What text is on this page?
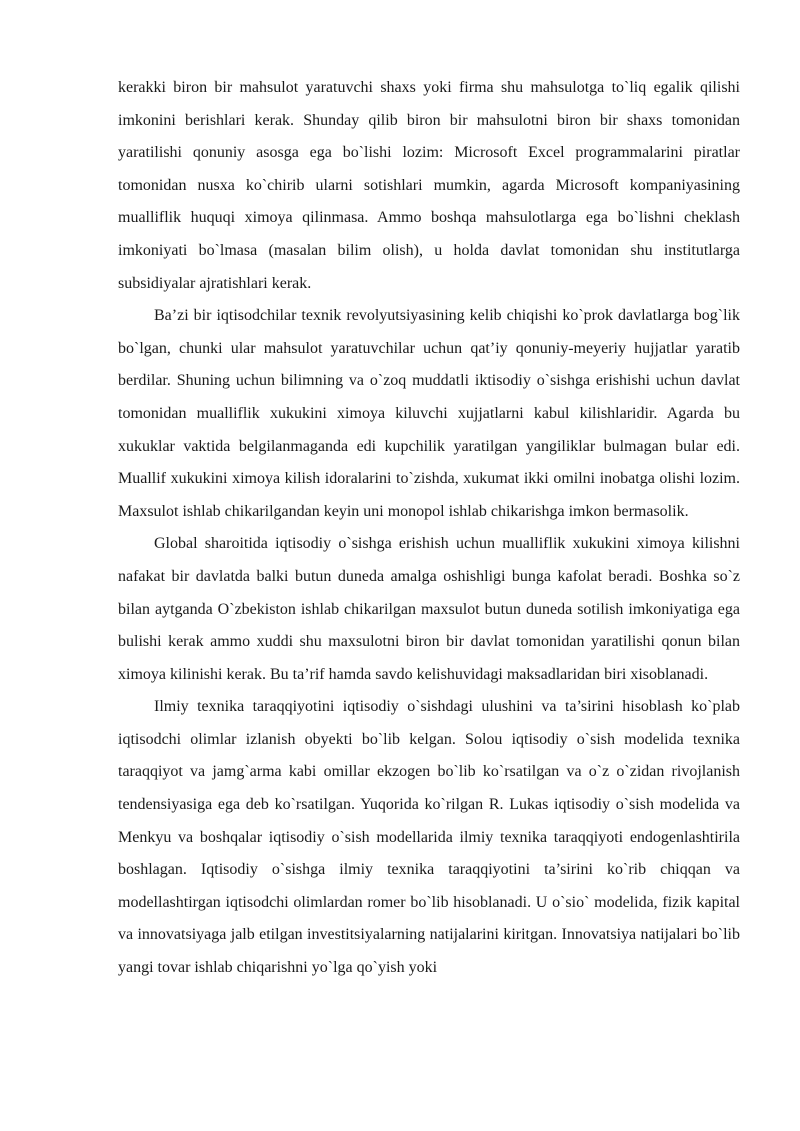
kerakki biron bir mahsulot yaratuvchi shaxs yoki firma shu mahsulotga to`liq egalik qilishi imkonini berishlari kerak. Shunday qilib biron bir mahsulotni biron bir shaxs tomonidan yaratilishi qonuniy asosga ega bo`lishi lozim: Microsoft Excel programmalarini piratlar tomonidan nusxa ko`chirib ularni sotishlari mumkin, agarda Microsoft kompaniyasining mualliflik huquqi ximoya qilinmasa. Ammo boshqa mahsulotlarga ega bo`lishni cheklash imkoniyati bo`lmasa (masalan bilim olish), u holda davlat tomonidan shu institutlarga subsidiyalar ajratishlari kerak.

Ba’zi bir iqtisodchilar texnik revolyutsiyasining kelib chiqishi ko`prok davlatlarga bog`lik bo`lgan, chunki ular mahsulot yaratuvchilar uchun qat’iy qonuniy-meyeriy hujjatlar yaratib berdilar. Shuning uchun bilimning va o`zoq muddatli iktisodiy o`sishga erishishi uchun davlat tomonidan mualliflik xukukini ximoya kiluvchi xujjatlarni kabul kilishlaridir. Agarda bu xukuklar vaktida belgilanmaganda edi kupchilik yaratilgan yangiliklar bulmagan bular edi. Muallif xukukini ximoya kilish idoralarini to`zishda, xukumat ikki omilni inobatga olishi lozim. Maxsulot ishlab chikarilgandan keyin uni monopol ishlab chikarishga imkon bermasolik.

Global sharoitida iqtisodiy o`sishga erishish uchun mualliflik xukukini ximoya kilishni nafakat bir davlatda balki butun duneda amalga oshishligi bunga kafolat beradi. Boshka so`z bilan aytganda O`zbekiston ishlab chikarilgan maxsulot butun duneda sotilish imkoniyatiga ega bulishi kerak ammo xuddi shu maxsulotni biron bir davlat tomonidan yaratilishi qonun bilan ximoya kilinishi kerak. Bu ta’rif hamda savdo kelishuvidagi maksadlaridan biri xisoblanadi.

Ilmiy texnika taraqqiyotini iqtisodiy o`sishdagi ulushini va ta’sirini hisoblash ko`plab iqtisodchi olimlar izlanish obyekti bo`lib kelgan. Solou iqtisodiy o`sish modelida texnika taraqqiyot va jamg`arma kabi omillar ekzogen bo`lib ko`rsatilgan va o`z o`zidan rivojlanish tendensiyasiga ega deb ko`rsatilgan. Yuqorida ko`rilgan R. Lukas iqtisodiy o`sish modelida va Menkyu va boshqalar iqtisodiy o`sish modellarida ilmiy texnika taraqqiyoti endogenlashtirila boshlagan. Iqtisodiy o`sishga ilmiy texnika taraqqiyotini ta’sirini ko`rib chiqqan va modellashtirgan iqtisodchi olimlardan romer bo`lib hisoblanadi. U o`sio` modelida, fizik kapital va innovatsiyaga jalb etilgan investitsiyalarning natijalarini kiritgan. Innovatsiya natijalari bo`lib yangi tovar ishlab chiqarishni yo`lga qo`yish yoki
